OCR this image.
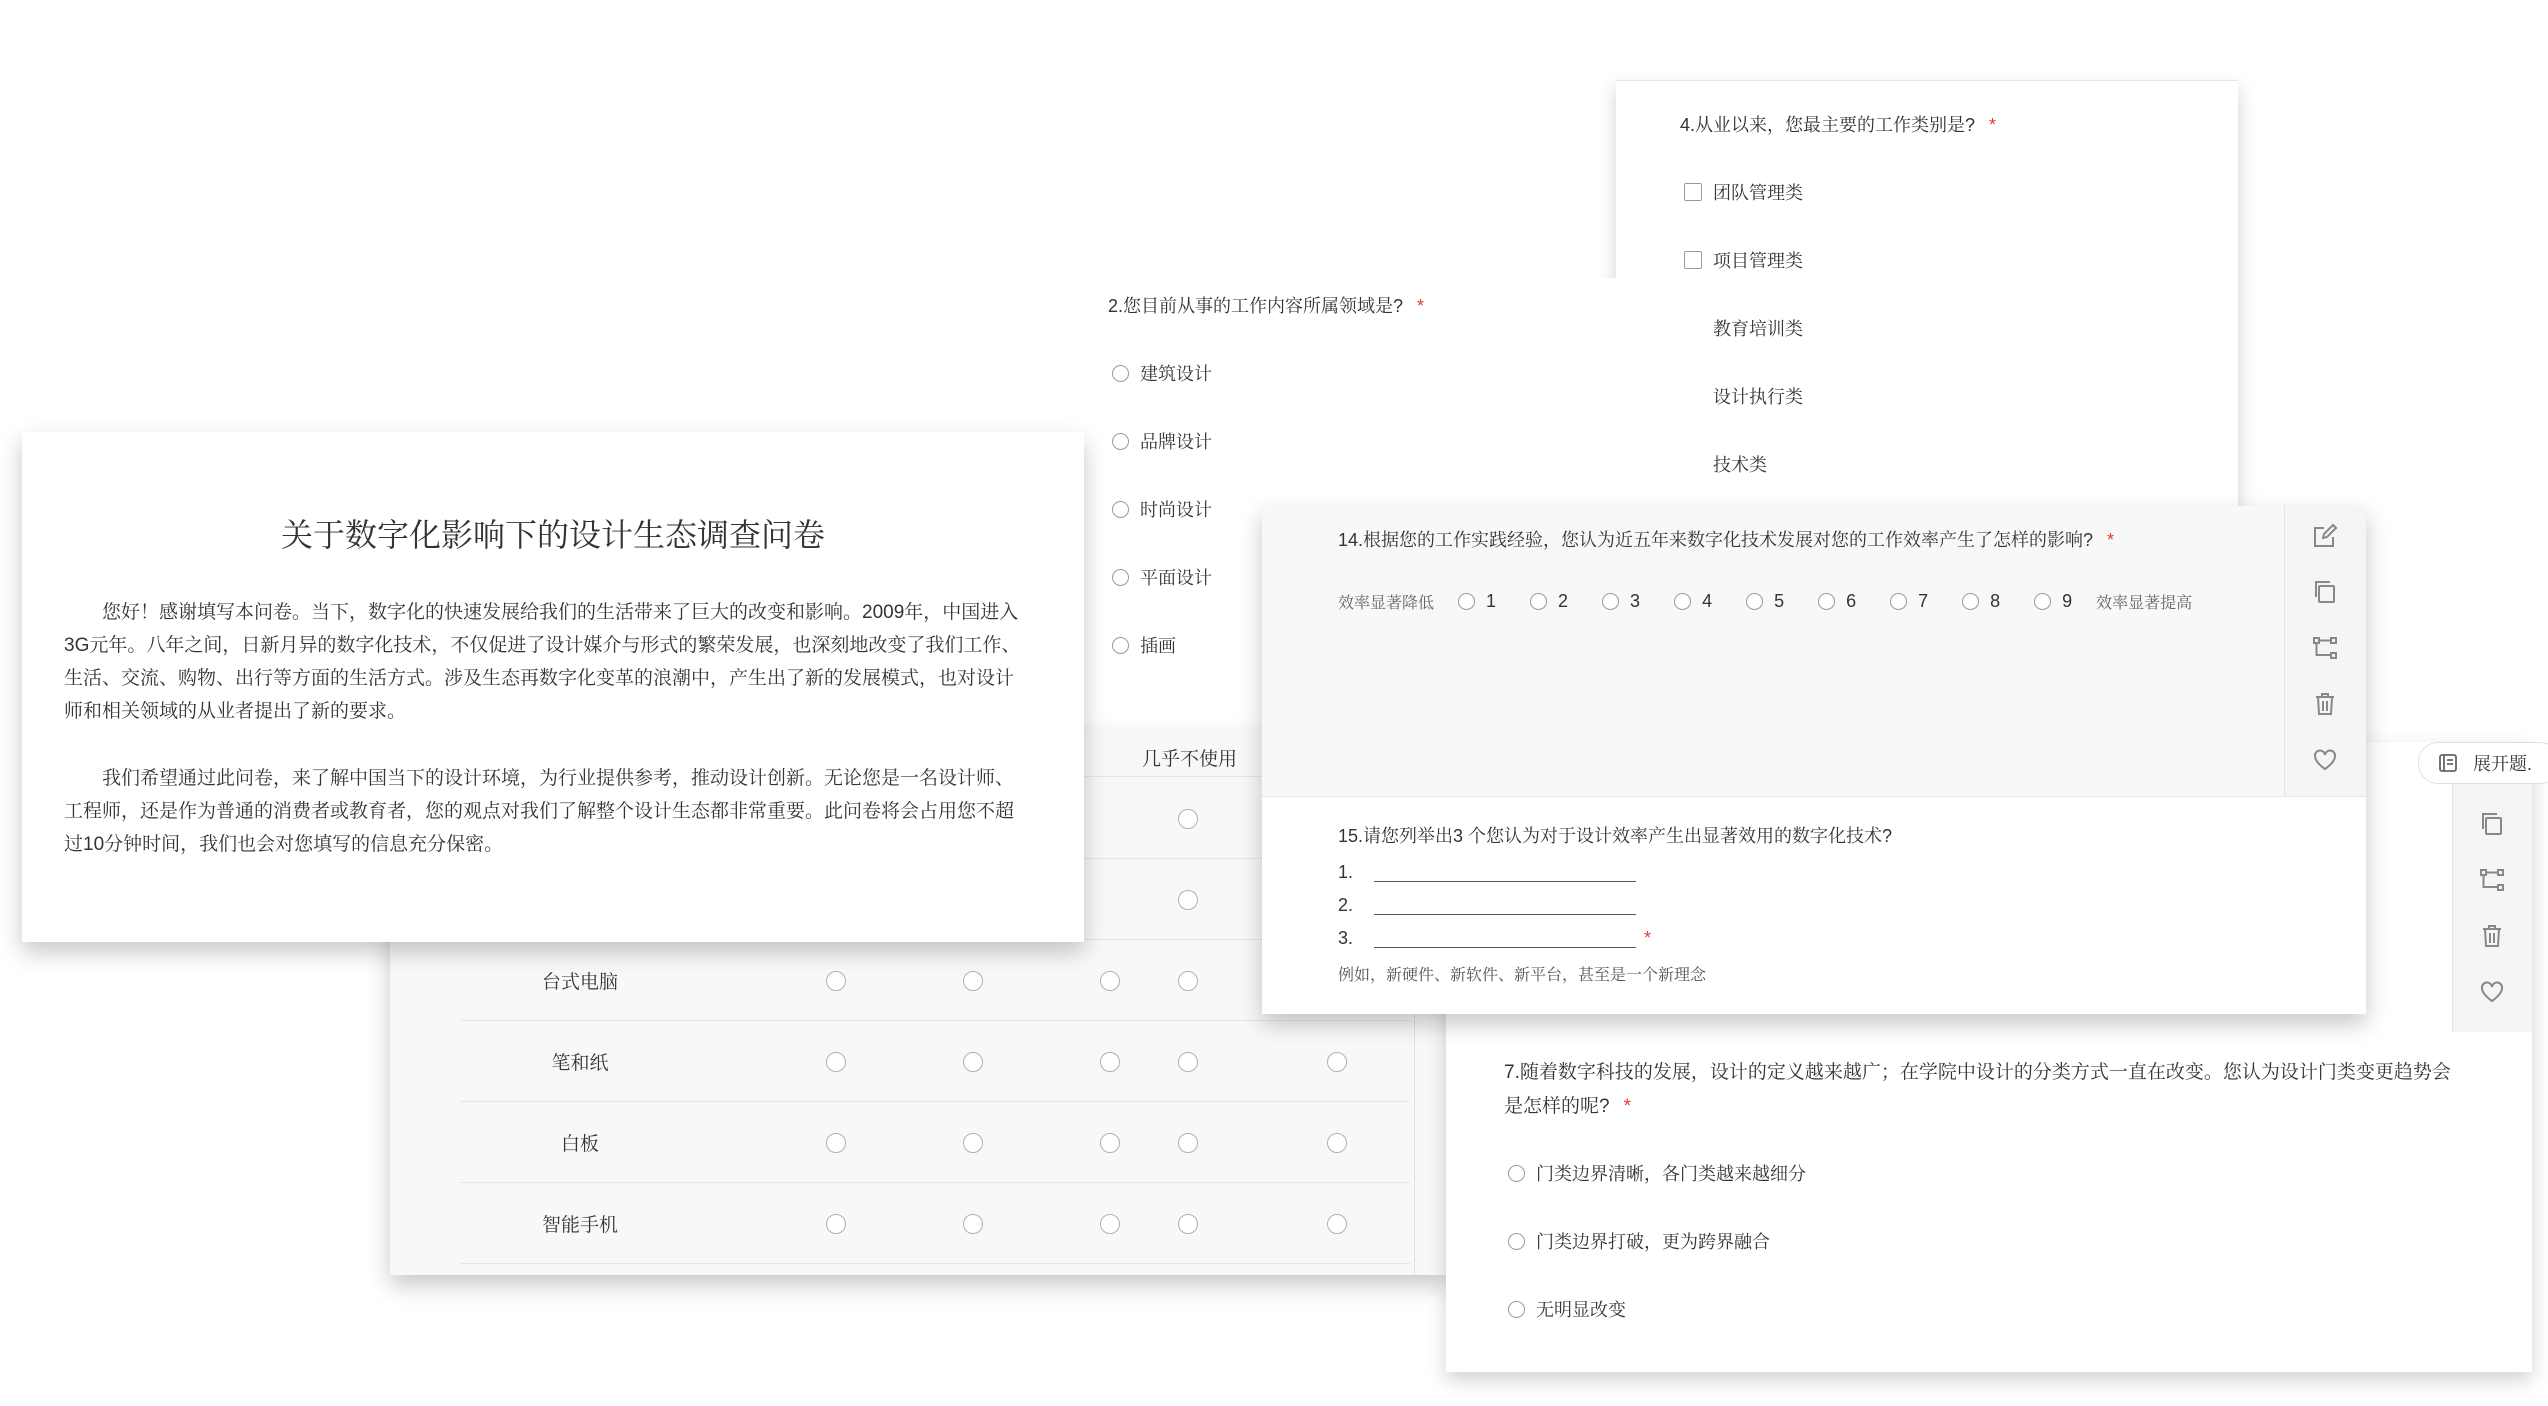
4.从业以来，您最主要的工作类别是? *
团队管理类
项目管理类
教育培训类
设计执行类
技术类
2.您目前从事的工作内容所属领域是? *
建筑设计
品牌设计
时尚设计
平面设计
插画
几乎不使用
台式电脑
笔和纸
白板
智能手机
关于数字化影响下的设计生态调查问卷
您好！感谢填写本问卷。当下，数字化的快速发展给我们的生活带来了巨大的改变和影响。2009年，中国进入3G元年。八年之间，日新月异的数字化技术，不仅促进了设计媒介与形式的繁荣发展，也深刻地改变了我们工作、生活、交流、购物、出行等方面的生活方式。涉及生态再数字化变革的浪潮中，产生出了新的发展模式，也对设计师和相关领域的从业者提出了新的要求。
我们希望通过此问卷，来了解中国当下的设计环境，为行业提供参考，推动设计创新。无论您是一名设计师、工程师，还是作为普通的消费者或教育者，您的观点对我们了解整个设计生态都非常重要。此问卷将会占用您不超过10分钟时间，我们也会对您填写的信息充分保密。
7.随着数字科技的发展，设计的定义越来越广；在学院中设计的分类方式一直在改变。您认为设计门类变更趋势会
是怎样的呢? *
门类边界清晰，各门类越来越细分
门类边界打破，更为跨界融合
无明显改变
展开题.
14.根据您的工作实践经验，您认为近五年来数字化技术发展对您的工作效率产生了怎样的影响? *
效率显著降低	1	2	3	4	5	6	7	8	9 效率显著提高
15.请您列举出3 个您认为对于设计效率产生出显著效用的数字化技术?
1.
2.
3.	*
例如，新硬件、新软件、新平台，甚至是一个新理念
